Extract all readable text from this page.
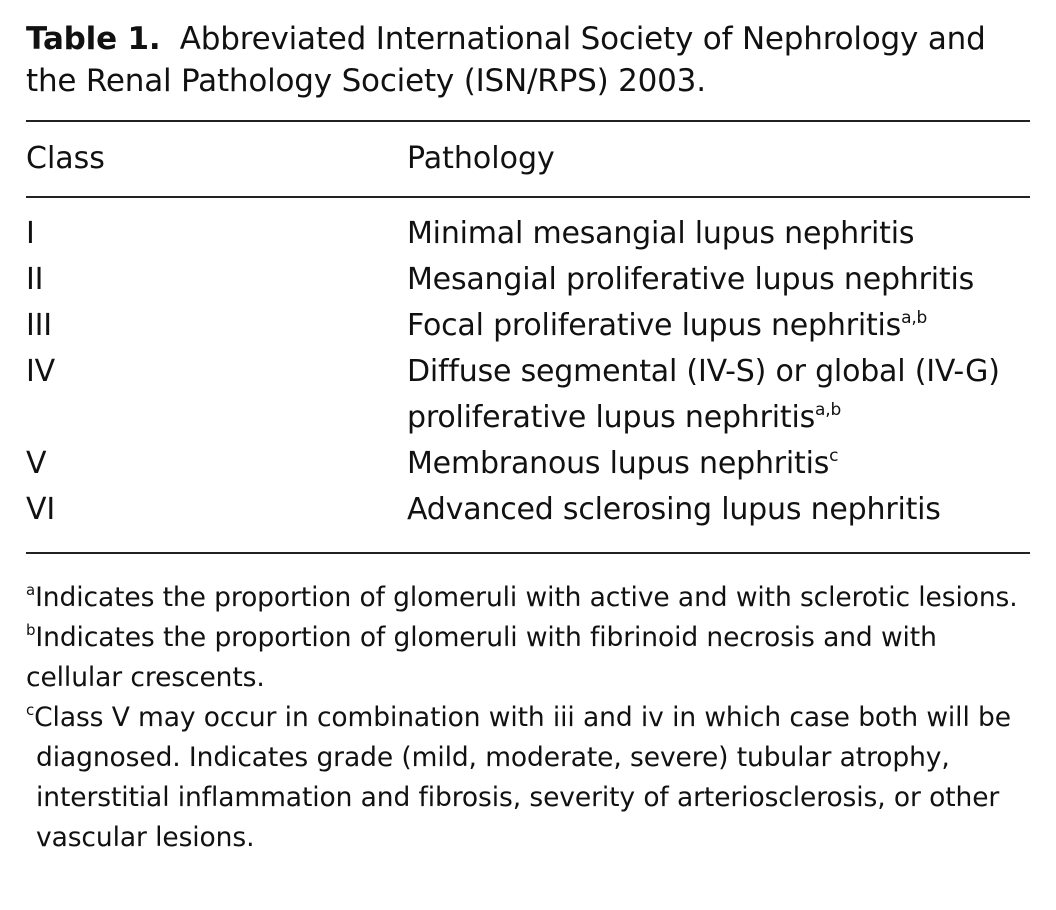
Table 1. Abbreviated International Society of Nephrology and the Renal Pathology Society (ISN/RPS) 2003.
Class	Pathology
I	Minimal mesangial lupus nephritis
II	Mesangial proliferative lupus nephritis
III	Focal proliferative lupus nephritis$^{a,b}$
IV	Diffuse segmental (IV-S) or global (IV-G) proliferative lupus nephritis$^{a,b}$
V	Membranous lupus nephritis$^c$
VI	Advanced sclerosing lupus nephritis

$^a$Indicates the proportion of glomeruli with active and with sclerotic lesions.

$^b$Indicates the proportion of glomeruli with fibrinoid necrosis and with cellular crescents.

$^c$Class V may occur in combination with iii and iv in which case both will be diagnosed. Indicates grade (mild, moderate, severe) tubular atrophy, interstitial inflammation and fibrosis, severity of arteriosclerosis, or other vascular lesions.
